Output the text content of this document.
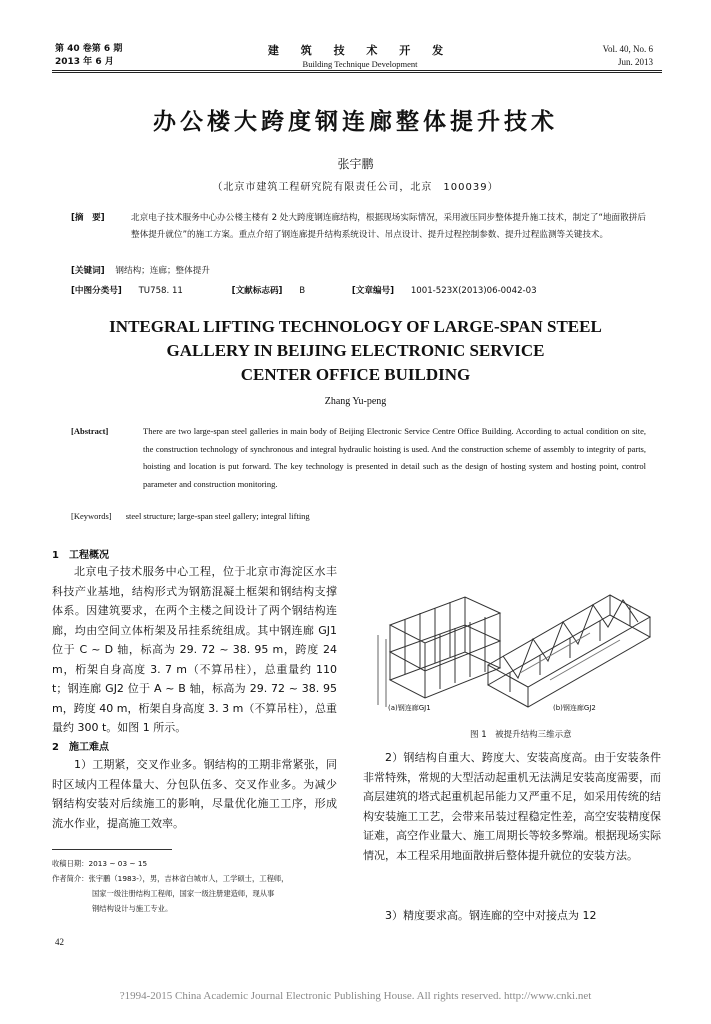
第 40 卷第 6 期
2013 年 6 月
建 筑 技 术 开 发
Building Technique Development
Vol. 40, No. 6
Jun. 2013
办公楼大跨度钢连廊整体提升技术
张宇鹏
（北京市建筑工程研究院有限责任公司，北京　100039）
[摘　要]	北京电子技术服务中心办公楼主楼有 2 处大跨度钢连廊结构，根据现场实际情况，采用液压同步整体提升施工技术，制定了“地面散拼后整体提升就位”的施工方案。重点介绍了钢连廊提升结构系统设计、吊点设计、提升过程控制参数、提升过程监测等关键技术。
[关键词] 钢结构；连廊；整体提升
[中图分类号] TU758. 11	[文献标志码] B	[文章编号] 1001-523X(2013)06-0042-03
INTEGRAL LIFTING TECHNOLOGY OF LARGE-SPAN STEEL
GALLERY IN BEIJING ELECTRONIC SERVICE
CENTER OFFICE BUILDING
Zhang Yu-peng
[Abstract]	There are two large-span steel galleries in main body of Beijing Electronic Service Centre Office Building. According to actual condition on site, the construction technology of synchronous and integral hydraulic hoisting is used. And the construction scheme of assembly to integrity of parts, hoisting and location is put forward. The key technology is presented in detail such as the design of hosting system and hosting point, control parameter and construction monitoring.
[Keywords] steel structure; large-span steel gallery; integral lifting
1　工程概况
北京电子技术服务中心工程，位于北京市海淀区水丰科技产业基地，结构形式为钢筋混凝土框架和钢结构支撑体系。因建筑要求，在两个主楼之间设计了两个钢结构连廊，均由空间立体桁架及吊挂系统组成。其中钢连廊 GJ1 位于 C ~ D 轴，标高为 29. 72 ~ 38. 95 m，跨度 24 m，桁架自身高度 3. 7 m（不算吊柱），总重量约 110 t；钢连廊 GJ2 位于 A ~ B 轴，标高为 29. 72 ~ 38. 95 m，跨度 40 m，桁架自身高度 3. 3 m（不算吊柱），总重量约 300 t。如图 1 所示。
2　施工难点
1）工期紧，交叉作业多。钢结构的工期非常紧张，同时区域内工程体量大、分包队伍多、交叉作业多。为减少钢结构安装对后续施工的影响，尽量优化施工工序，形成流水作业，提高施工效率。
(a)钢连廊GJ1	(b)钢连廊GJ2
图 1　被提升结构三维示意
2）钢结构自重大、跨度大、安装高度高。由于安装条件非常特殊，常规的大型活动起重机无法满足安装高度需要，而高层建筑的塔式起重机起吊能力又严重不足，如采用传统的结构安装施工工艺，会带来吊装过程稳定性差，高空安装精度保证难，高空作业量大、施工周期长等较多弊端。根据现场实际情况，本工程采用地面散拼后整体提升就位的安装方法。
3）精度要求高。钢连廊的空中对接点为 12
收稿日期：2013 ~ 03 ~ 15
作者简介：张宇鹏（1983-），男，吉林省白城市人，工学硕士，工程师，
国家一级注册结构工程师，国家一级注册建造师，现从事
钢结构设计与施工专业。
42
?1994-2015 China Academic Journal Electronic Publishing House. All rights reserved. http://www.cnki.net
